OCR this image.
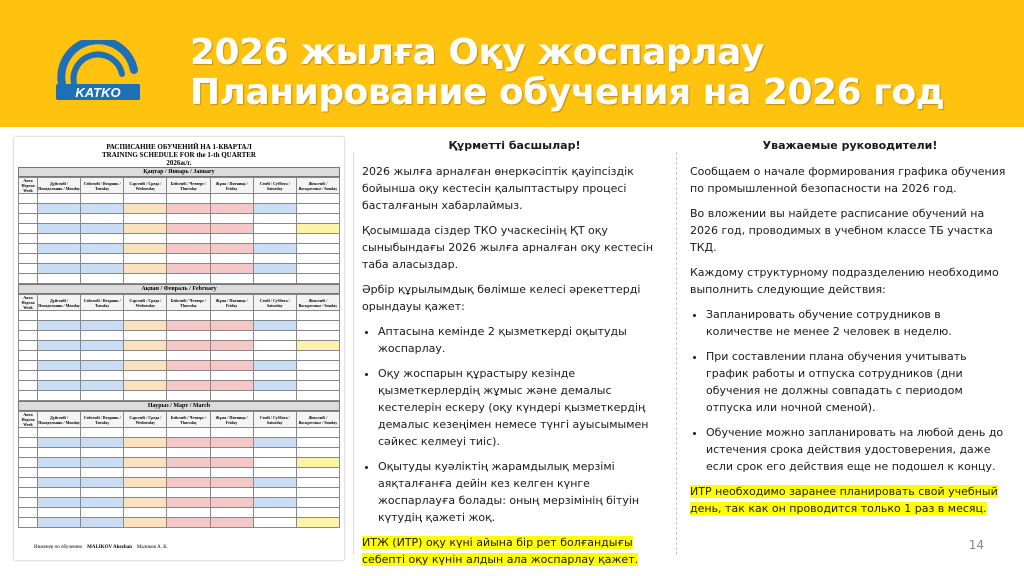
KATKO
2026 жылға Оқу жоспарлау
Планирование обучения на 2026 год
РАСПИСАНИЕ ОБУЧЕНИЙ НА 1-КВАРТАЛ
TRAINING SCHEDULE FOR the 1-th QUARTER
2026ж/г.
Қаңтар / Январь / January
Апта Неделя Week	Дүйсенбі / Понедельник / Monday	Сейсенбі / Вторник / Tuesday	Сәрсенбі / Среда / Wednesday	Бейсенбі / Четверг / Thursday	Жұма / Пятница / Friday	Сенбі / Суббота / Saturday	Жексенбі / Воскресенье / Sunday

Ақпан / Февраль / February
Апта Неделя Week	Дүйсенбі / Понедельник / Monday	Сейсенбі / Вторник / Tuesday	Сәрсенбі / Среда / Wednesday	Бейсенбі / Четверг / Thursday	Жұма / Пятница / Friday	Сенбі / Суббота / Saturday	Жексенбі / Воскресенье / Sunday

Наурыз / Март / March
Апта Неделя Week	Дүйсенбі / Понедельник / Monday	Сейсенбі / Вторник / Tuesday	Сәрсенбі / Среда / Wednesday	Бейсенбі / Четверг / Thursday	Жұма / Пятница / Friday	Сенбі / Суббота / Saturday	Жексенбі / Воскресенье / Sunday

Инженер по обучению MALIKOV Akezhan Маликов А. К.
Құрметті басшылар!

2026 жылға арналған өнеркәсіптік қауіпсіздік бойынша оқу кестесін қалыптастыру процесі басталғанын хабарлаймыз.

Қосымшада сіздер ТКО учаскесінің ҚТ оқу сыныбындағы 2026 жылға арналған оқу кестесін таба аласыздар.

Әрбір құрылымдық бөлімше келесі әрекеттерді орындауы қажет:

• Аптасына кемінде 2 қызметкерді оқытуды жоспарлау.
• Оқу жоспарын құрастыру кезінде қызметкерлердің жұмыс және демалыс кестелерін ескеру (оқу күндері қызметкердің демалыс кезеңімен немесе түнгі ауысымымен сәйкес келмеуі тиіс).
• Оқытуды куәліктің жарамдылық мерзімі аяқталғанға дейін кез келген күнге жоспарлауға болады: оның мерзімінің бітуін күтудің қажеті жоқ.

ИТЖ (ИТР) оқу күні айына бір рет болғандығы себепті оқу күнін алдын ала жоспарлау қажет.

Уважаемые руководители!

Сообщаем о начале формирования графика обучения по промышленной безопасности на 2026 год.

Во вложении вы найдете расписание обучений на 2026 год, проводимых в учебном классе ТБ участка ТКД.

Каждому структурному подразделению необходимо выполнить следующие действия:

• Запланировать обучение сотрудников в количестве не менее 2 человек в неделю.
• При составлении плана обучения учитывать график работы и отпуска сотрудников (дни обучения не должны совпадать с периодом отпуска или ночной сменой).
• Обучение можно запланировать на любой день до истечения срока действия удостоверения, даже если срок его действия еще не подошел к концу.

ИТР необходимо заранее планировать свой учебный день, так как он проводится только 1 раз в месяц.

14
